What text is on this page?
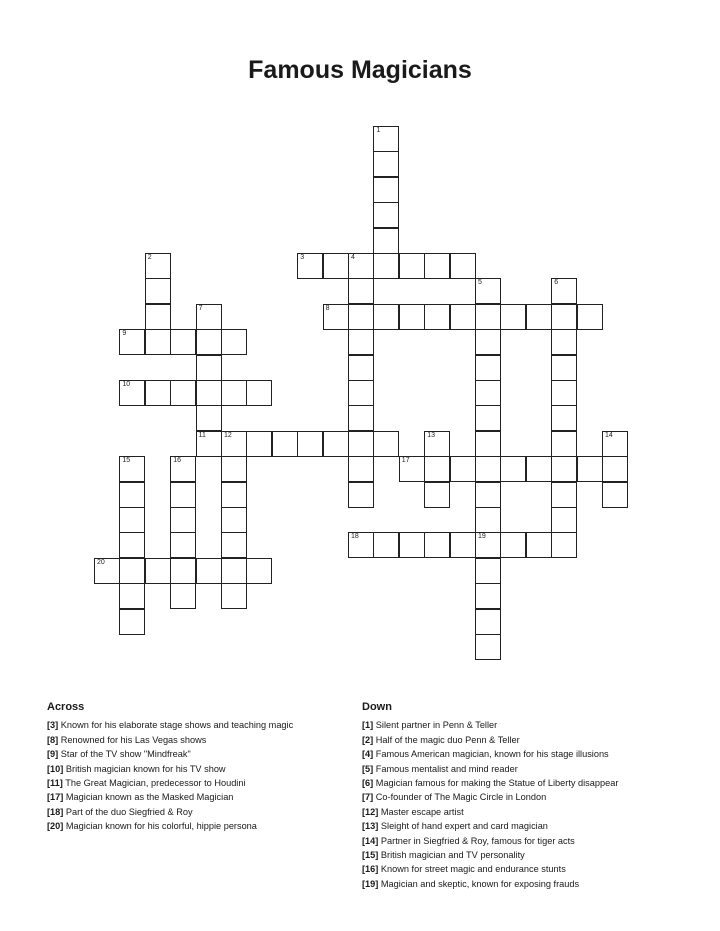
Famous Magicians
1
2	3	4
5
19
6
7
11
8
9
10
12	13	14
15	16	17
18
20
Across
[3] Known for his elaborate stage shows and teaching magic
[8] Renowned for his Las Vegas shows
[9] Star of the TV show "Mindfreak"
[10] British magician known for his TV show
[11] The Great Magician, predecessor to Houdini
[17] Magician known as the Masked Magician
[18] Part of the duo Siegfried & Roy
[20] Magician known for his colorful, hippie persona
Down
[1] Silent partner in Penn & Teller
[2] Half of the magic duo Penn & Teller
[4] Famous American magician, known for his stage illusions
[5] Famous mentalist and mind reader
[6] Magician famous for making the Statue of Liberty disappear
[7] Co-founder of The Magic Circle in London
[12] Master escape artist
[13] Sleight of hand expert and card magician
[14] Partner in Siegfried & Roy, famous for tiger acts
[15] British magician and TV personality
[16] Known for street magic and endurance stunts
[19] Magician and skeptic, known for exposing frauds
